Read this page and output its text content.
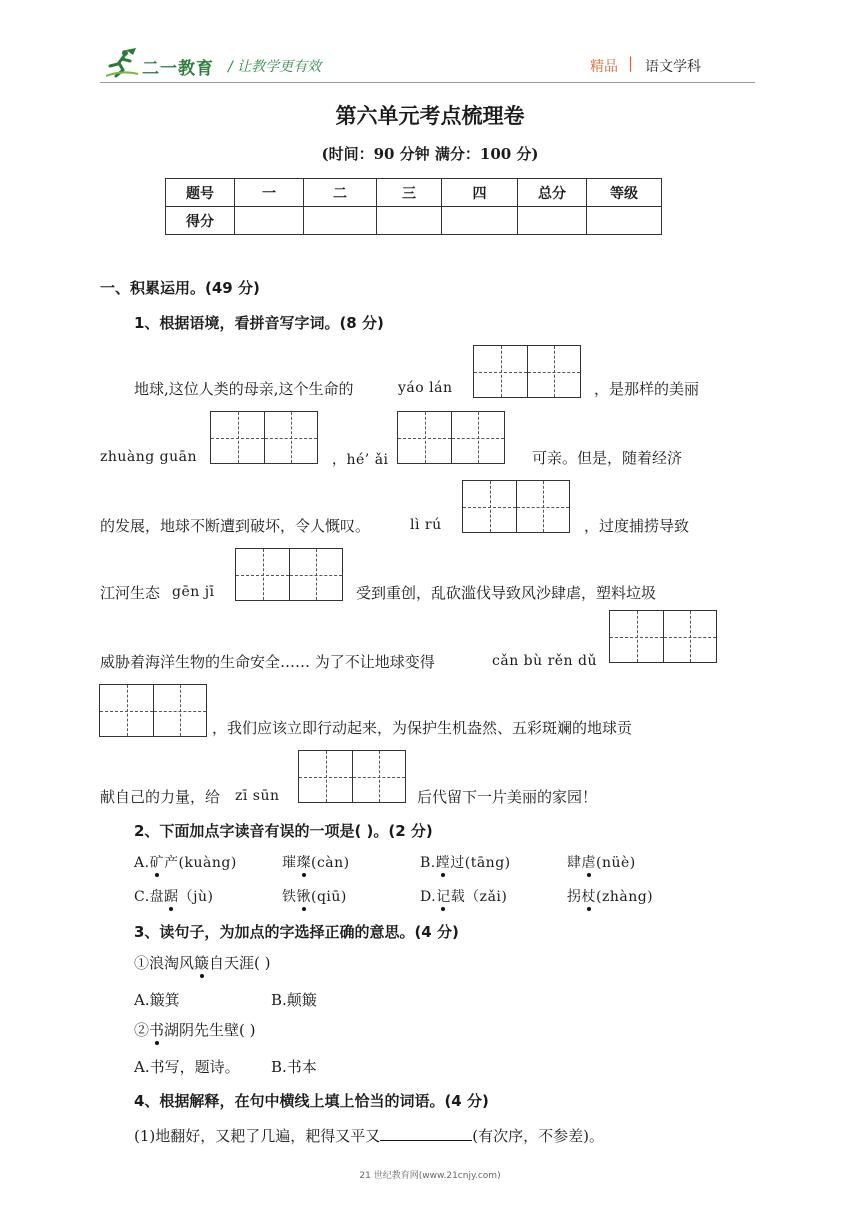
二一教育 / 让教学更有效	精品 | 语文学科
第六单元考点梳理卷
(时间：90 分钟 满分：100 分)
题号	一	二	三	四	总分	等级
得分						
一、积累运用。(49 分)
1、根据语境，看拼音写字词。(8 分)
地球,这位人类的母亲,这个生命的	yáo lán	，是那样的美丽
zhuàng guān	，hé’ ǎi	可亲。但是，随着经济
的发展，地球不断遭到破坏，令人慨叹。	lì rú	，过度捕捞导致
江河生态 gēn jī	受到重创，乱砍滥伐导致风沙肆虐，塑料垃圾
威胁着海洋生物的生命安全…… 为了不让地球变得	cǎn bù rěn dǔ
，我们应该立即行动起来，为保护生机盎然、五彩斑斓的地球贡
献自己的力量，给 zī sūn	后代留下一片美丽的家园！
2、下面加点字读音有误的一项是( )。(2 分)
A.矿产(kuàng)	璀璨(càn)	B.蹚过(tāng)	肆虐(nüè)
C.盘踞（jù)	铁锹(qiū)	D.记载（zǎi)	拐杖(zhàng)
3、读句子，为加点的字选择正确的意思。(4 分)
①浪淘风簸自天涯( )
A.簸箕	B.颠簸
②书湖阴先生壁( )
A.书写，题诗。 B.书本
4、根据解释，在句中横线上填上恰当的词语。(4 分)
(1)地翻好，又耙了几遍，耙得又平又	(有次序，不参差)。
21 世纪教育网(www.21cnjy.com)
